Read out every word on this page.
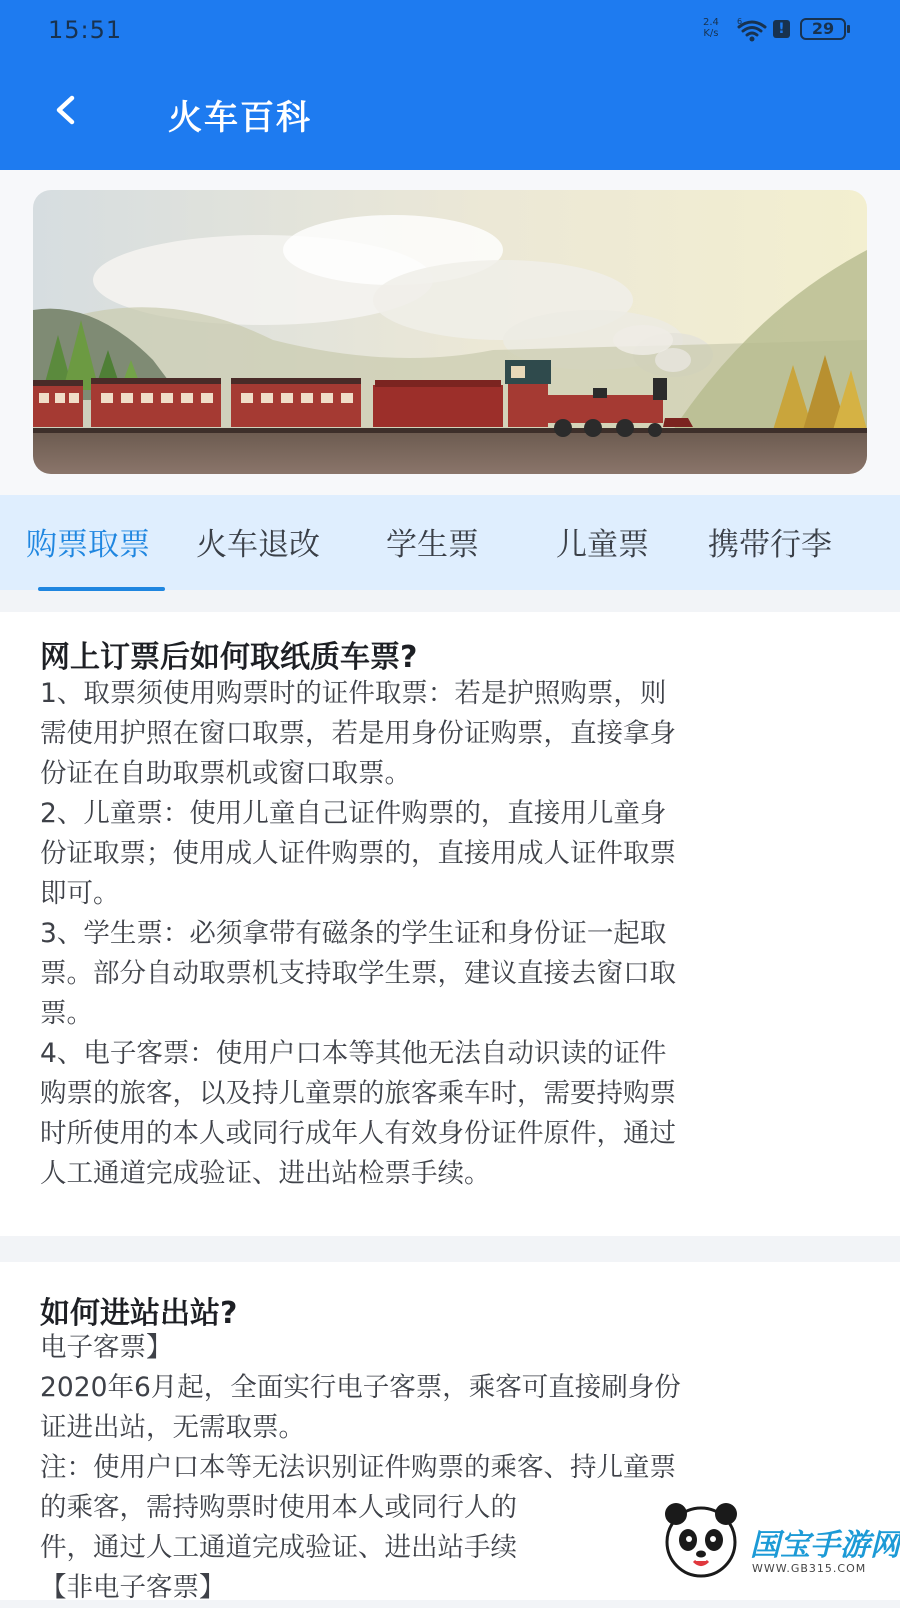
15:51	2.4
K/s
6	!	29
火车百科
购票取票 火车退改 学生票 儿童票 携带行李
网上订票后如何取纸质车票?

1、取票须使用购票时的证件取票：若是护照购票，则

需使用护照在窗口取票，若是用身份证购票，直接拿身

份证在自助取票机或窗口取票。

2、儿童票：使用儿童自己证件购票的，直接用儿童身

份证取票；使用成人证件购票的，直接用成人证件取票

即可。

3、学生票：必须拿带有磁条的学生证和身份证一起取

票。部分自动取票机支持取学生票，建议直接去窗口取

票。

4、电子客票：使用户口本等其他无法自动识读的证件

购票的旅客，以及持儿童票的旅客乘车时，需要持购票

时所使用的本人或同行成年人有效身份证件原件，通过

人工通道完成验证、进出站检票手续。

如何进站出站?

电子客票】

2020年6月起，全面实行电子客票，乘客可直接刷身份

证进出站，无需取票。

注：使用户口本等无法识别证件购票的乘客、持儿童票

的乘客，需持购票时使用本人或同行人的

件，通过人工通道完成验证、进出站手续

【非电子客票】

国宝手游网
WWW.GB315.COM
